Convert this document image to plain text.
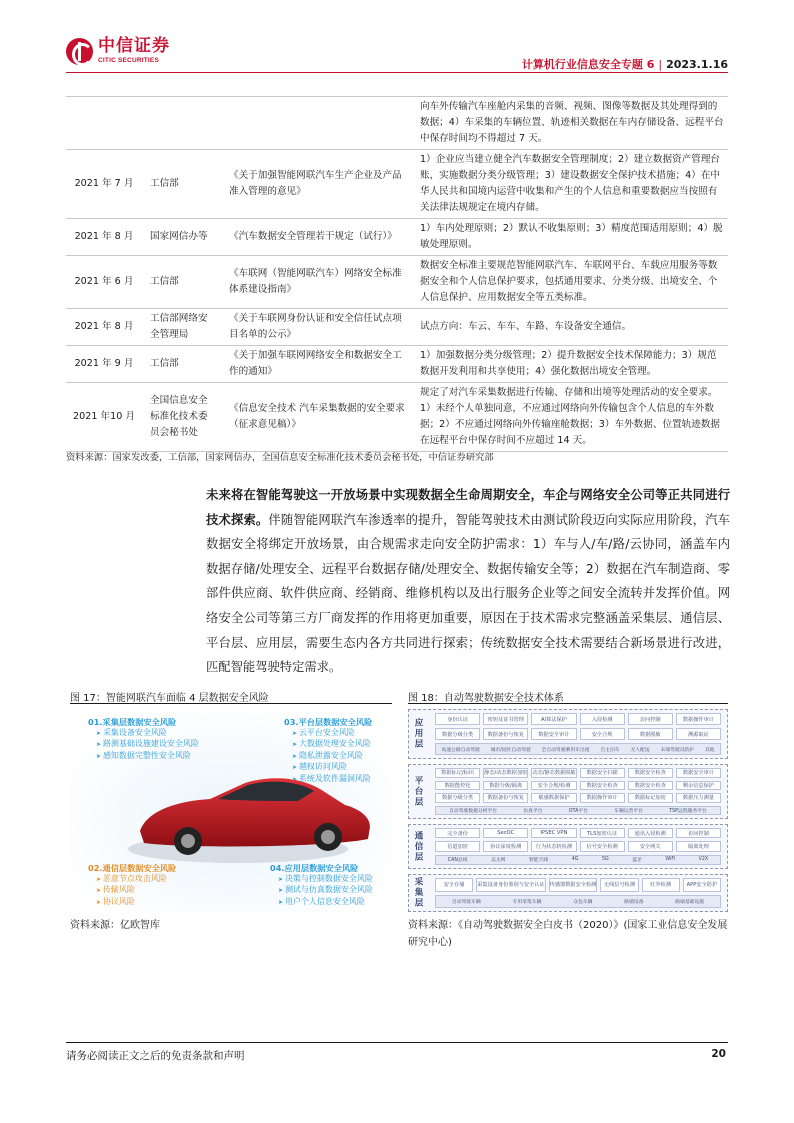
中信证券
CITIC SECURITIES	计算机行业信息安全专题 6 | 2023.1.16
			向车外传输汽车座舱内采集的音频、视频、图像等数据及其处理得到的数据；4）车采集的车辆位置、轨迹相关数据在车内存储设备、远程平台中保存时间均不得超过 7 天。
2021 年 7 月	工信部	《关于加强智能网联汽车生产企业及产品准入管理的意见》	1）企业应当建立健全汽车数据安全管理制度；2）建立数据资产管理台账，实施数据分类分级管理；3）建设数据安全保护技术措施；4）在中华人民共和国境内运营中收集和产生的个人信息和重要数据应当按照有关法律法规规定在境内存储。
2021 年 8 月	国家网信办等	《汽车数据安全管理若干规定（试行）》	1）车内处理原则；2）默认不收集原则；3）精度范围适用原则；4）脱敏处理原则。
2021 年 6 月	工信部	《车联网（智能网联汽车）网络安全标准体系建设指南》	数据安全标准主要规范智能网联汽车、车联网平台、车载应用服务等数据安全和个人信息保护要求，包括通用要求、分类分级、出境安全、个人信息保护、应用数据安全等五类标准。
2021 年 8 月	工信部网络安全管理局	《关于车联网身份认证和安全信任试点项目名单的公示》	试点方向：车云、车车、车路、车设备安全通信。
2021 年 9 月	工信部	《关于加强车联网网络安全和数据安全工作的通知》	1）加强数据分类分级管理；2）提升数据安全技术保障能力；3）规范数据开发利用和共享使用；4）强化数据出境安全管理。
2021 年10 月	全国信息安全标准化技术委员会秘书处	《信息安全技术 汽车采集数据的安全要求（征求意见稿）》	规定了对汽车采集数据进行传输、存储和出境等处理活动的安全要求。1）未经个人单独同意，不应通过网络向外传输包含个人信息的车外数据；2）不应通过网络向外传输座舱数据；3）车外数据、位置轨迹数据在远程平台中保存时间不应超过 14 天。
资料来源：国家发改委，工信部，国家网信办，全国信息安全标准化技术委员会秘书处，中信证券研究部
未来将在智能驾驶这一开放场景中实现数据全生命周期安全，车企与网络安全公司等正共同进行技术探索。伴随智能网联汽车渗透率的提升，智能驾驶技术由测试阶段迈向实际应用阶段，汽车数据安全将绑定开放场景，由合规需求走向安全防护需求：1）车与人/车/路/云协同，涵盖车内数据存储/处理安全、远程平台数据存储/处理安全、数据传输安全等；2）数据在汽车制造商、零部件供应商、软件供应商、经销商、维修机构以及出行服务企业等之间安全流转并发挥价值。网络安全公司等第三方厂商发挥的作用将更加重要，原因在于技术需求完整涵盖采集层、通信层、平台层、应用层，需要生态内各方共同进行探索；传统数据安全技术需要结合新场景进行改进，匹配智能驾驶特定需求。
图 17：智能网联汽车面临 4 层数据安全风险
01.采集层数据安全风险
➤ 采集设备安全风险
➤ 路测基础设施建设安全风险
➤ 感知数据完整性安全风险
03.平台层数据安全风险
➤ 云平台安全风险
➤ 大数据处理安全风险
➤ 隐私泄露安全风险
➤ 越权访问风险
➤ 系统及软件漏洞风险
02.通信层数据安全风险
➤ 恶意节点攻击风险
➤ 传输风险
➤ 协议风险
04.应用层数据安全风险
➤ 决策与控制数据安全风险
➤ 测试与仿真数据安全风险
➤ 用户个人信息安全风险
资料来源：亿欧智库
图 18：自动驾驶数据安全技术体系
应用层	身份认证	密钥及证书管理	AI算法保护	入侵检测	访问控制	数据操作审计
数据分级分类	数据备份与恢复	数据安全审计	安全合规	数据脱敏	溯源取证
高速公路自动驾驶 城市/园区自动驾驶 全自动驾驶乘用车出租 自主泊车 无人配送 末端驾驶员防护 其他
平台层
数据标记/标识	静态/动态数据加密 动态/静态数据脱敏	数据安全扫描	数据安全检查	数据安全审计
数据能控化	数据分级/隔离	安全合规/检测	数据安全检查	数据安全检查	剩余信息保护
数据分级分类	数据备份与恢复	敏感数据保护	数据操作审计	数据标记加密	数据压力测量
自动驾驶数据分析平台	仿真平台	OTA平台	车辆运营平台	TSP远程服务平台
通信层	完全备份	SecOC	IPSEC VPN	TLS加密认证	通讯入侵检测	访问控制
信道加密	协议深度检测	行为状态机检测	信号安全检测	安全网关	隔离处理
CAN总线	以太网	智能天线	4G	5G	蓝牙	WiFi	V2X
采集层	安全存储	采集设备身份鉴别与安全认证 传感器数据安全检测	无线信号检测	红外检测	APP安全防护
自动驾驶车辆	专用采集车辆	众包车辆	路端设备	路端基础设施
资料来源：《自动驾驶数据安全白皮书（2020）》(国家工业信息安全发展研究中心)
请务必阅读正文之后的免责条款和声明	20
